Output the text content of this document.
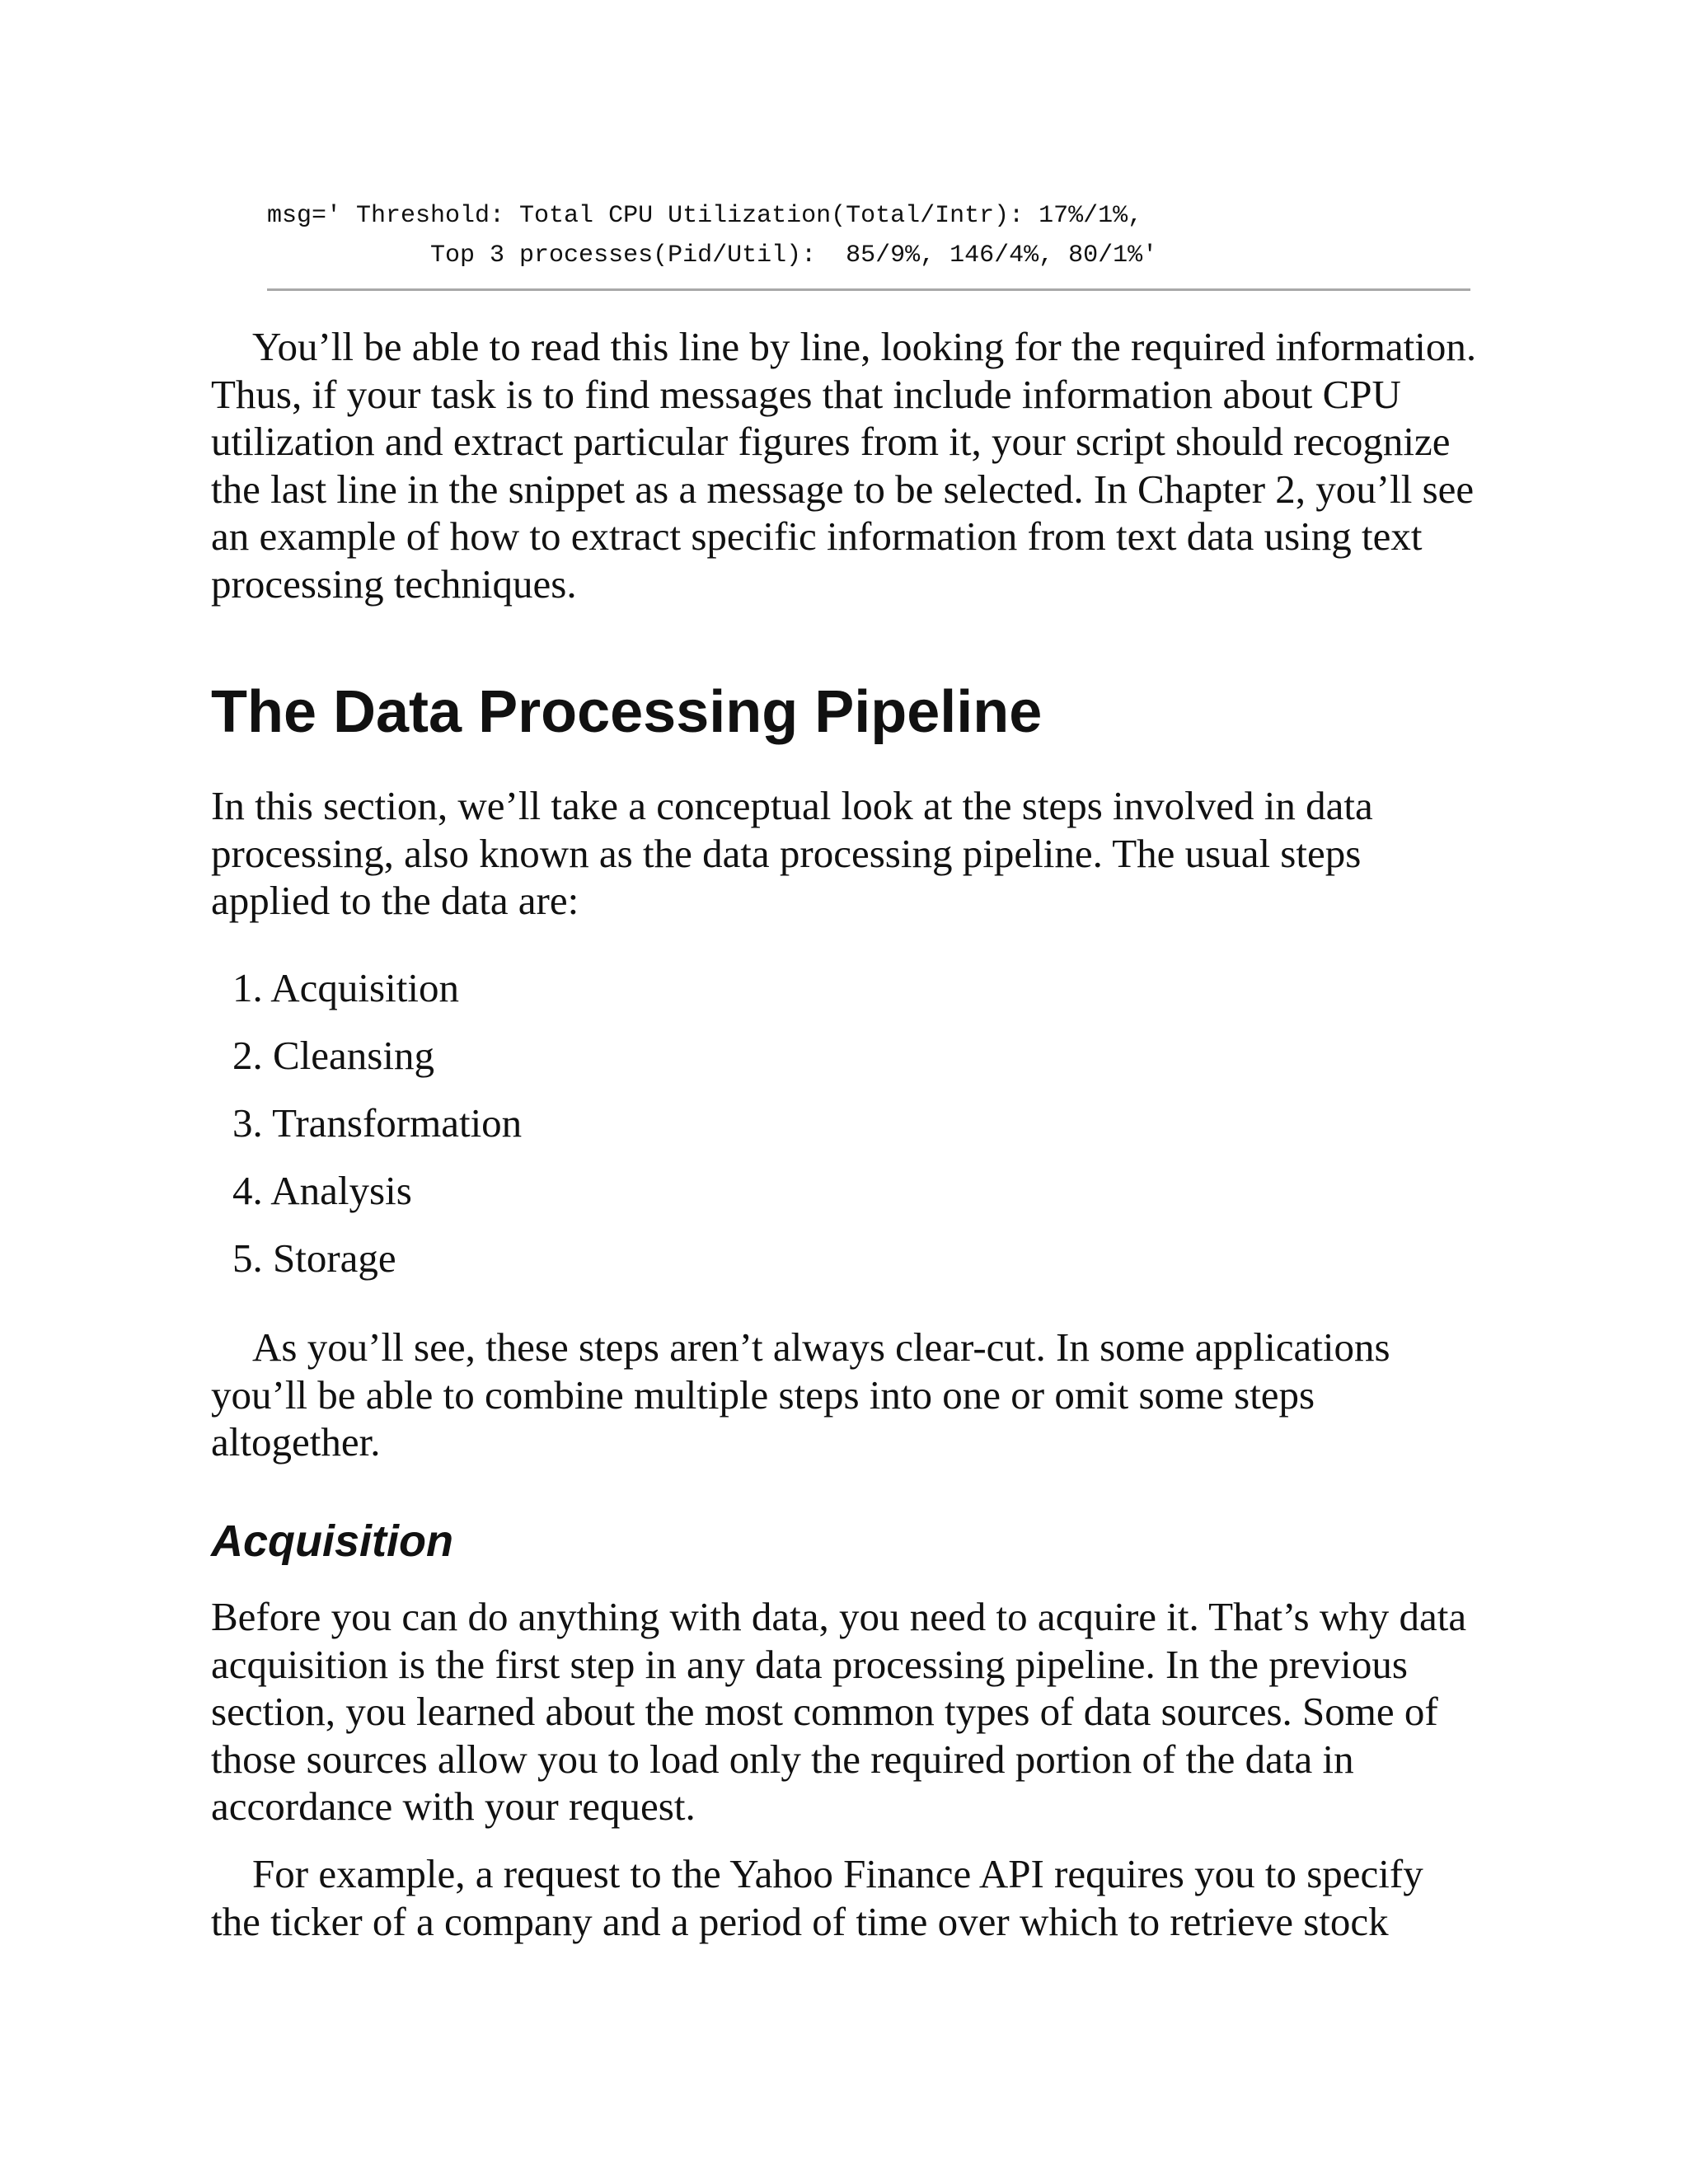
msg=' Threshold: Total CPU Utilization(Total/Intr): 17%/1%,
Top 3 processes(Pid/Util):  85/9%, 146/4%, 80/1%'

You’ll be able to read this line by line, looking for the required information. Thus, if your task is to find messages that include information about CPU utilization and extract particular figures from it, your script should recognize the last line in the snippet as a message to be selected. In Chapter 2, you’ll see an example of how to extract specific information from text data using text processing techniques.

The Data Processing Pipeline

In this section, we’ll take a conceptual look at the steps involved in data processing, also known as the data processing pipeline. The usual steps applied to the data are:

1. Acquisition
2. Cleansing
3. Transformation
4. Analysis
5. Storage

As you’ll see, these steps aren’t always clear-cut. In some applications you’ll be able to combine multiple steps into one or omit some steps altogether.

Acquisition

Before you can do anything with data, you need to acquire it. That’s why data acquisition is the first step in any data processing pipeline. In the previous section, you learned about the most common types of data sources. Some of those sources allow you to load only the required portion of the data in accordance with your request.

For example, a request to the Yahoo Finance API requires you to specify the ticker of a company and a period of time over which to retrieve stock
